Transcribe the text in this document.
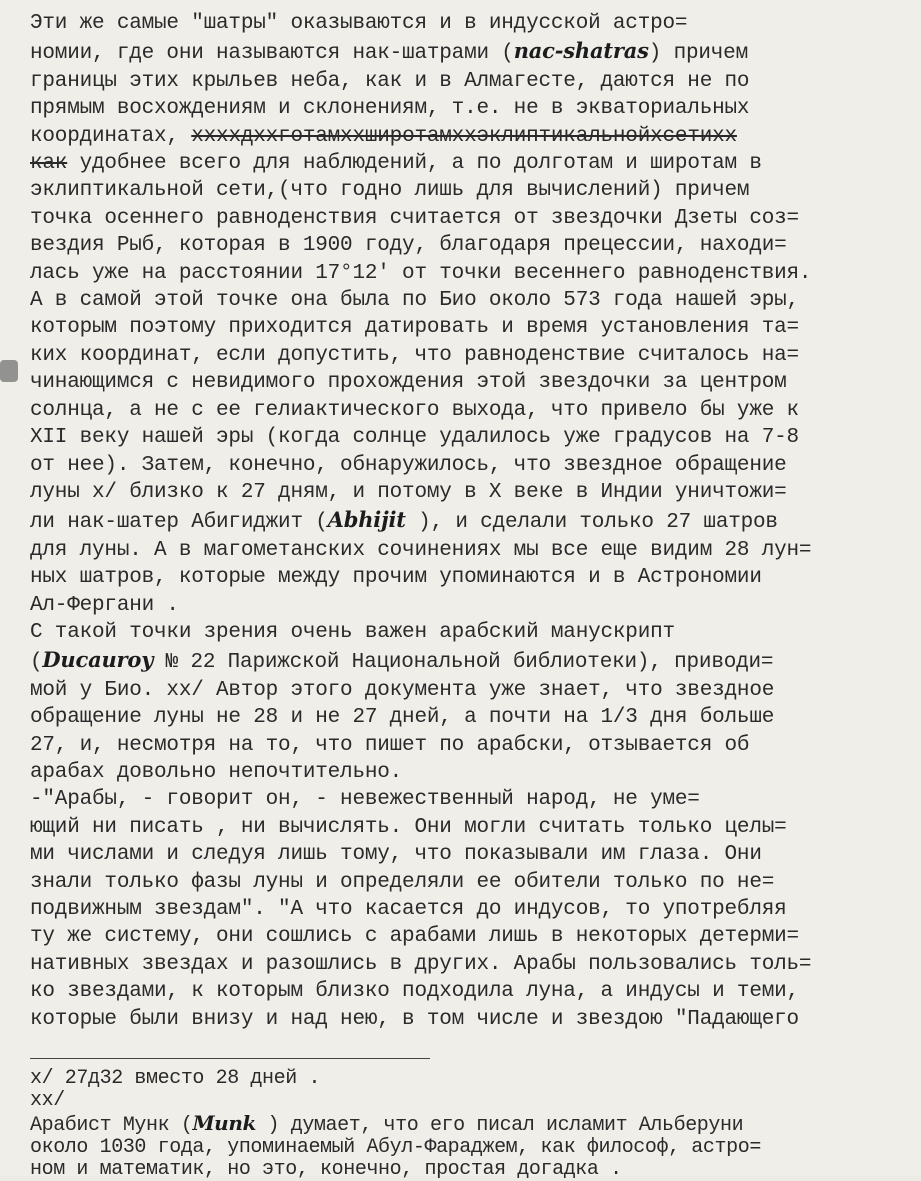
Эти же самые "шатры" оказываются и в индусской астро=
номии, где они называются нак-шатрами (nac-shatras) причем
границы этих крыльев неба, как и в Алмагесте, даются не по
прямым восхождениям и склонениям, т.е. не в экваториальных
координатах, ххххдххготамххширотамххэклиптикальнойхсетихх
как удобнее всего для наблюдений, а по долготам и широтам в
эклиптикальной сети,(что годно лишь для вычислений) причем
точка осеннего равноденствия считается от звездочки Дзеты соз=
вездия Рыб, которая в 1900 году, благодаря прецессии, находи=
лась уже на расстоянии 17°12' от точки весеннего равноденствия.
А в самой этой точке она была по Био около 573 года нашей эры,
которым поэтому приходится датировать и время установления та=
ких координат, если допустить, что равноденствие считалось на=
чинающимся с невидимого прохождения этой звездочки за центром
солнца, а не с ее гелиактического выхода, что привело бы уже к
XII веку нашей эры (когда солнце удалилось уже градусов на 7-8
от нее). Затем, конечно, обнаружилось, что звездное обращение
луны x/ близко к 27 дням, и потому в X веке в Индии уничтожи=
ли нак-шатер Абигиджит (Abhijit ), и сделали только 27 шатров
для луны. А в магометанских сочинениях мы все еще видим 28 лун=
ных шатров, которые между прочим упоминаются и в Астрономии
Ал-Фергани .
С такой точки зрения очень важен арабский манускрипт
(Ducauroy № 22 Парижской Национальной библиотеки), приводи=
мой у Био. xx/ Автор этого документа уже знает, что звездное
обращение луны не 28 и не 27 дней, а почти на 1/3 дня больше
27, и, несмотря на то, что пишет по арабски, отзывается об
арабах довольно непочтительно.
-"Арабы, - говорит он, - невежественный народ, не уме=
ющий ни писать , ни вычислять. Они могли считать только целы=
ми числами и следуя лишь тому, что показывали им глаза. Они
знали только фазы луны и определяли ее обители только по не=
подвижным звездам". "А что касается до индусов, то употребляя
ту же систему, они сошлись с арабами лишь в некоторых детерми=
нативных звездах и разошлись в других. Арабы пользовались толь=
ко звездами, к которым близко подходила луна, а индусы и теми,
которые были внизу и над нею, в том числе и звездою "Падающего
x/ 27д32 вместо 28 дней .
xx/
Арабист Мунк (Munk ) думает, что его писал исламит Альберуни
около 1030 года, упоминаемый Абул-Фараджем, как философ, астро=
ном и математик, но это, конечно, простая догадка .
